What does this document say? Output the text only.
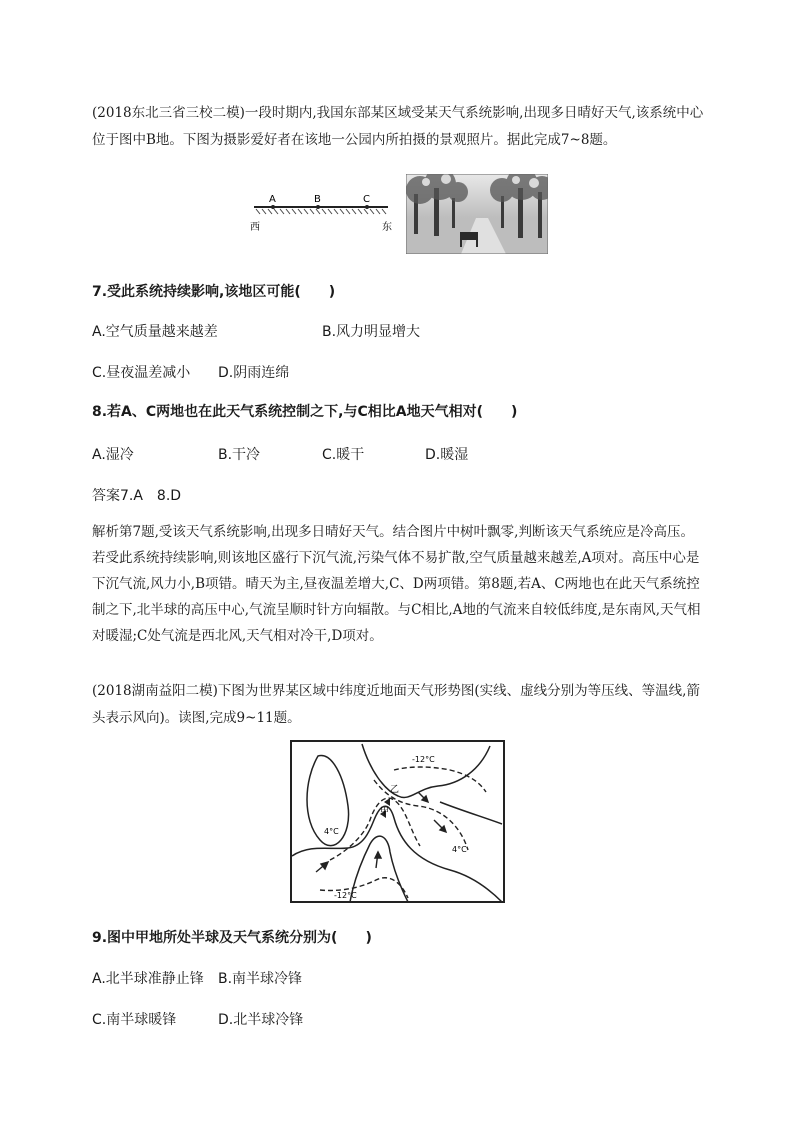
(2018东北三省三校二模)一段时期内,我国东部某区域受某天气系统影响,出现多日晴好天气,该系统中心位于图中B地。下图为摄影爱好者在该地一公园内所拍摄的景观照片。据此完成7~8题。
A	B	C
西	东
7.受此系统持续影响,该地区可能(　　)
A.空气质量越来越差	B.风力明显增大
C.昼夜温差减小 D.阴雨连绵
8.若A、C两地也在此天气系统控制之下,与C相比A地天气相对(　　)
A.湿冷	B.干冷	C.暖干	D.暖湿
答案7.A　8.D
解析第7题,受该天气系统影响,出现多日晴好天气。结合图片中树叶飘零,判断该天气系统应是冷高压。若受此系统持续影响,则该地区盛行下沉气流,污染气体不易扩散,空气质量越来越差,A项对。高压中心是下沉气流,风力小,B项错。晴天为主,昼夜温差增大,C、D两项错。第8题,若A、C两地也在此天气系统控制之下,北半球的高压中心,气流呈顺时针方向辐散。与C相比,A地的气流来自较低纬度,是东南风,天气相对暖湿;C处气流是西北风,天气相对冷干,D项对。
(2018湖南益阳二模)下图为世界某区域中纬度近地面天气形势图(实线、虚线分别为等压线、等温线,箭头表示风向)。读图,完成9~11题。
-12°C
4°C
4°C
-12°C
乙
甲
9.图中甲地所处半球及天气系统分别为(　　)
A.北半球准静止锋 B.南半球冷锋
C.南半球暖锋	D.北半球冷锋
